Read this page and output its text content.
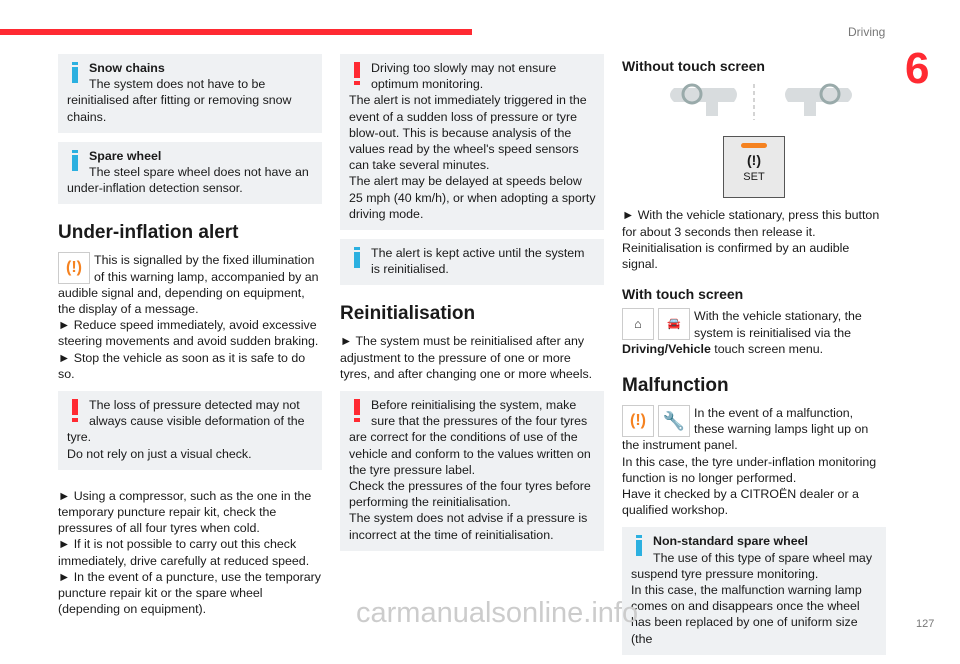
Driving
6

Snow chains

The system does not have to be reinitialised after fitting or removing snow chains.

Spare wheel

The steel spare wheel does not have an under-inflation detection sensor.

Under-inflation alert
(!) This is signalled by the fixed illumination of this warning lamp, accompanied by an audible signal and, depending on equipment, the display of a message.

► Reduce speed immediately, avoid excessive steering movements and avoid sudden braking.

► Stop the vehicle as soon as it is safe to do so.

The loss of pressure detected may not always cause visible deformation of the tyre.

Do not rely on just a visual check.

► Using a compressor, such as the one in the temporary puncture repair kit, check the pressures of all four tyres when cold.

► If it is not possible to carry out this check immediately, drive carefully at reduced speed.

► In the event of a puncture, use the temporary puncture repair kit or the spare wheel (depending on equipment).

Driving too slowly may not ensure optimum monitoring.

The alert is not immediately triggered in the event of a sudden loss of pressure or tyre blow-out. This is because analysis of the values read by the wheel's speed sensors can take several minutes.

The alert may be delayed at speeds below 25 mph (40 km/h), or when adopting a sporty driving mode.

The alert is kept active until the system is reinitialised.

Reinitialisation

► The system must be reinitialised after any adjustment to the pressure of one or more tyres, and after changing one or more wheels.

Before reinitialising the system, make sure that the pressures of the four tyres are correct for the conditions of use of the vehicle and conform to the values written on the tyre pressure label.

Check the pressures of the four tyres before performing the reinitialisation.

The system does not advise if a pressure is incorrect at the time of reinitialisation.

Without touch screen
(!)
SET

► With the vehicle stationary, press this button for about 3 seconds then release it. Reinitialisation is confirmed by an audible signal.

With touch screen
⌂	🚘

With the vehicle stationary, the system is reinitialised via the Driving/Vehicle touch screen menu.

Malfunction
(!) 🔧 In the event of a malfunction, these warning lamps light up on the instrument panel.

In this case, the tyre under-inflation monitoring function is no longer performed.

Have it checked by a CITROËN dealer or a qualified workshop.

Non-standard spare wheel

The use of this type of spare wheel may suspend tyre pressure monitoring.

In this case, the malfunction warning lamp comes on and disappears once the wheel has been replaced by one of uniform size (the

carmanualsonline.info	127
